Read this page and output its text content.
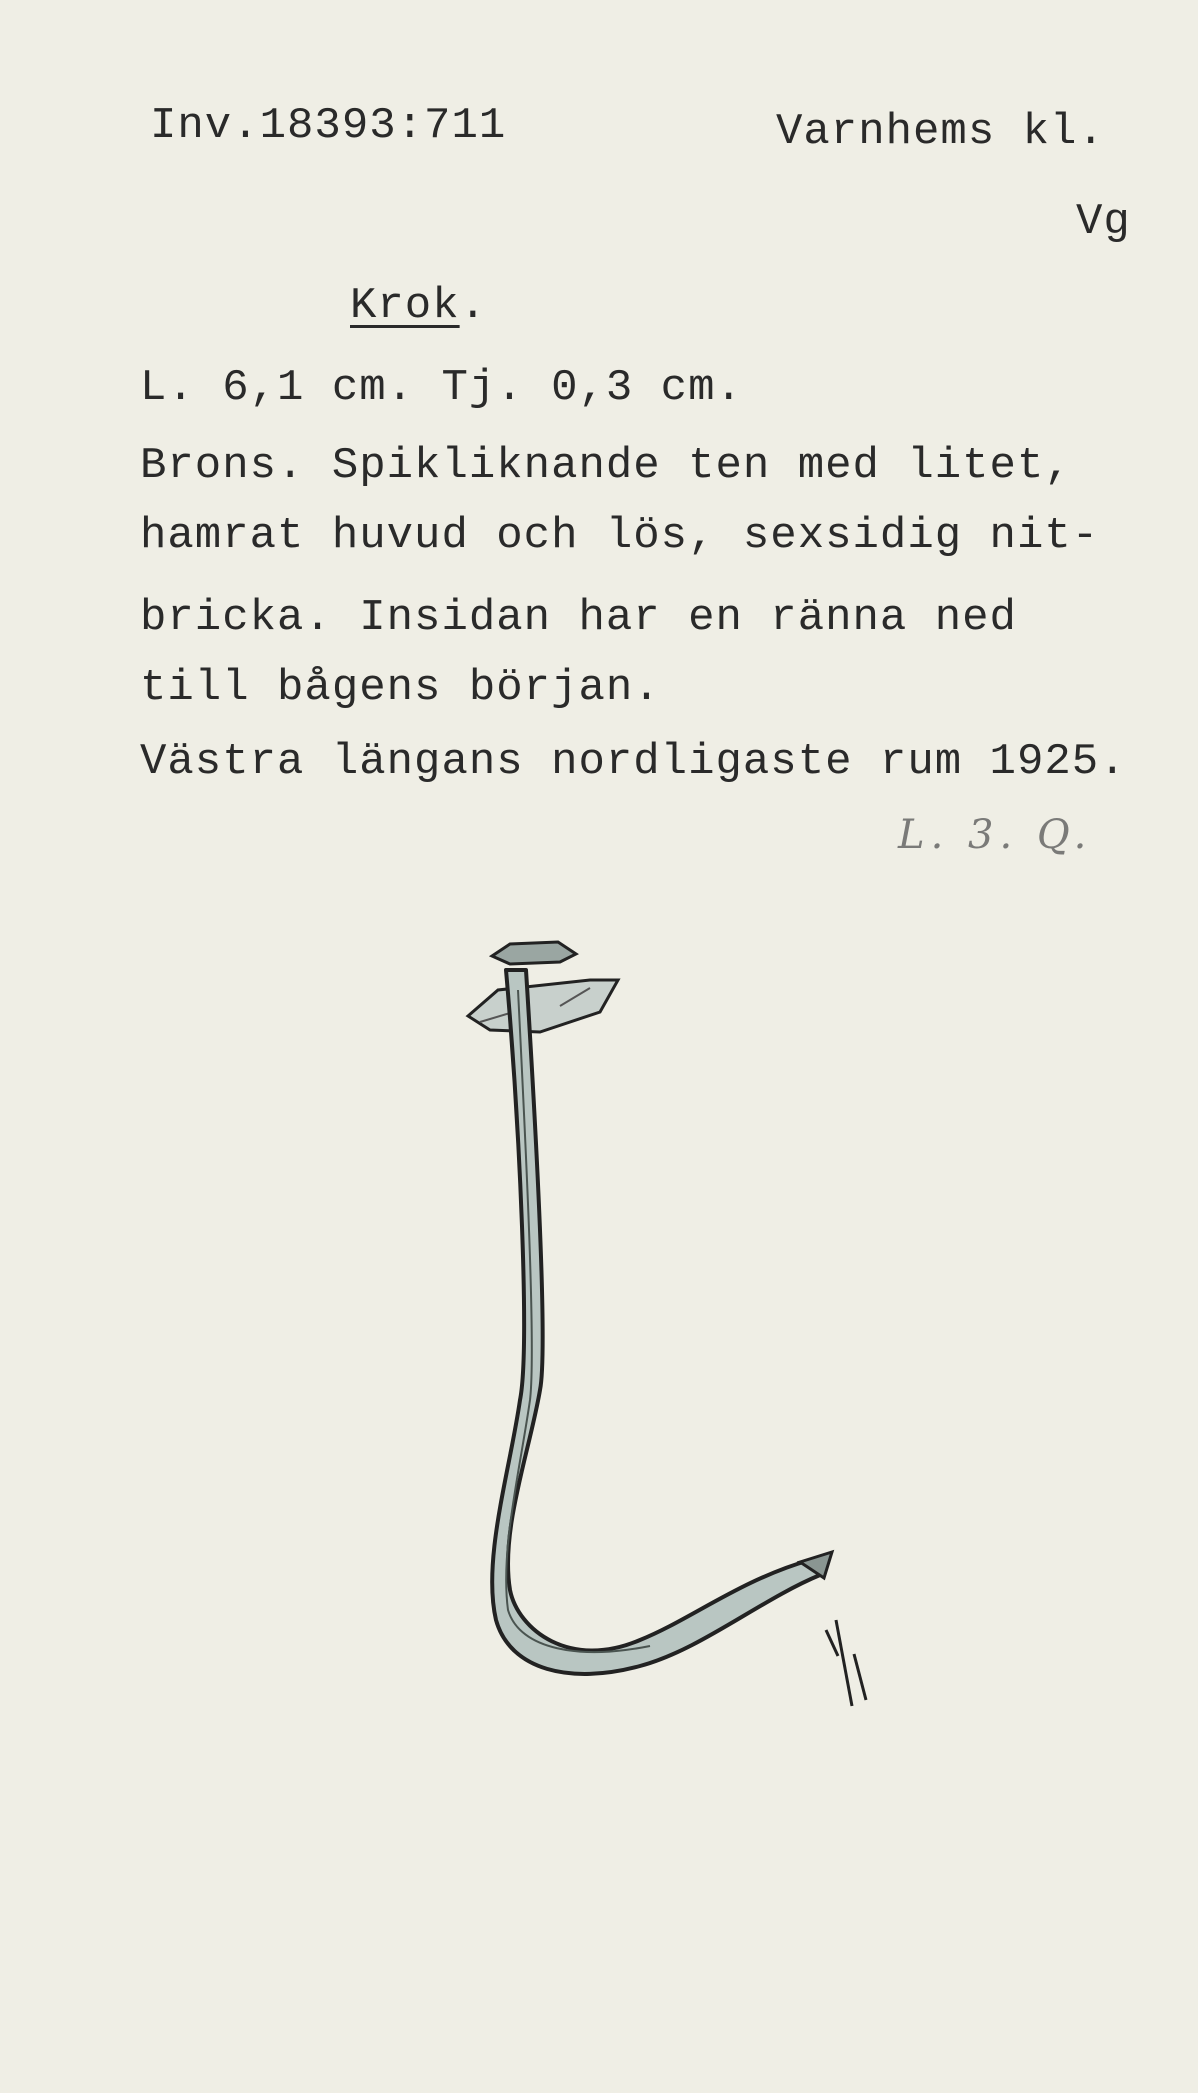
Inv.18393:711	Varnhems kl.
Vg
Krok.
L. 6,1 cm. Tj. 0,3 cm.
Brons. Spikliknande ten med litet,
hamrat huvud och lös, sexsidig nit-
bricka. Insidan har en ränna ned
till bågens början.
Västra längans nordligaste rum 1925.
L. 3. Q.
